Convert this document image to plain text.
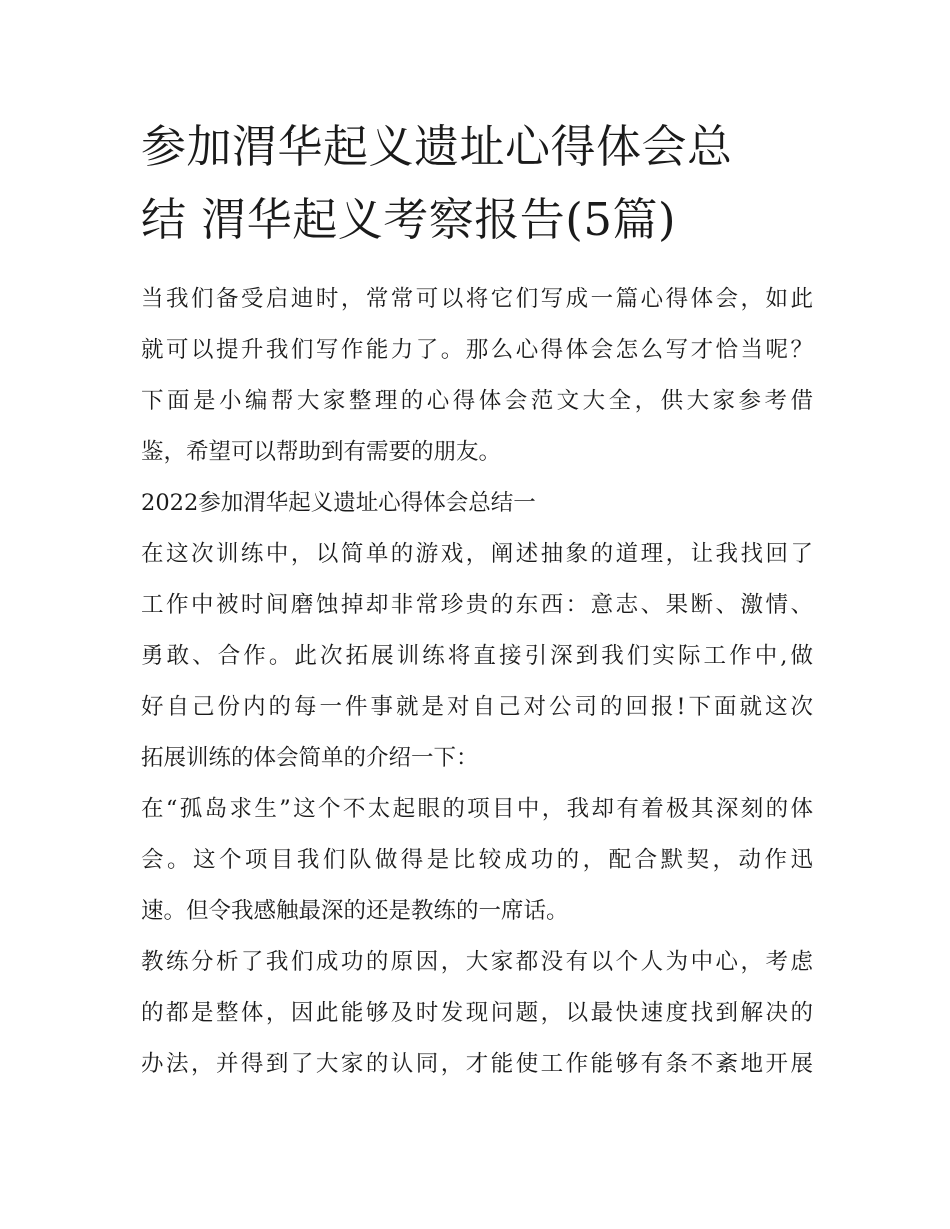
参加渭华起义遗址心得体会总
结 渭华起义考察报告(5篇)
当我们备受启迪时，常常可以将它们写成一篇心得体会，如此
就可以提升我们写作能力了。那么心得体会怎么写才恰当呢？
下面是小编帮大家整理的心得体会范文大全，供大家参考借
鉴，希望可以帮助到有需要的朋友。
2022参加渭华起义遗址心得体会总结一
在这次训练中，以简单的游戏，阐述抽象的道理，让我找回了
工作中被时间磨蚀掉却非常珍贵的东西：意志、果断、激情、
勇敢、合作。此次拓展训练将直接引深到我们实际工作中,做
好自己份内的每一件事就是对自己对公司的回报!下面就这次
拓展训练的体会简单的介绍一下：
在“孤岛求生”这个不太起眼的项目中，我却有着极其深刻的体
会。这个项目我们队做得是比较成功的，配合默契，动作迅
速。但令我感触最深的还是教练的一席话。
教练分析了我们成功的原因，大家都没有以个人为中心，考虑
的都是整体，因此能够及时发现问题，以最快速度找到解决的
办法，并得到了大家的认同，才能使工作能够有条不紊地开展
